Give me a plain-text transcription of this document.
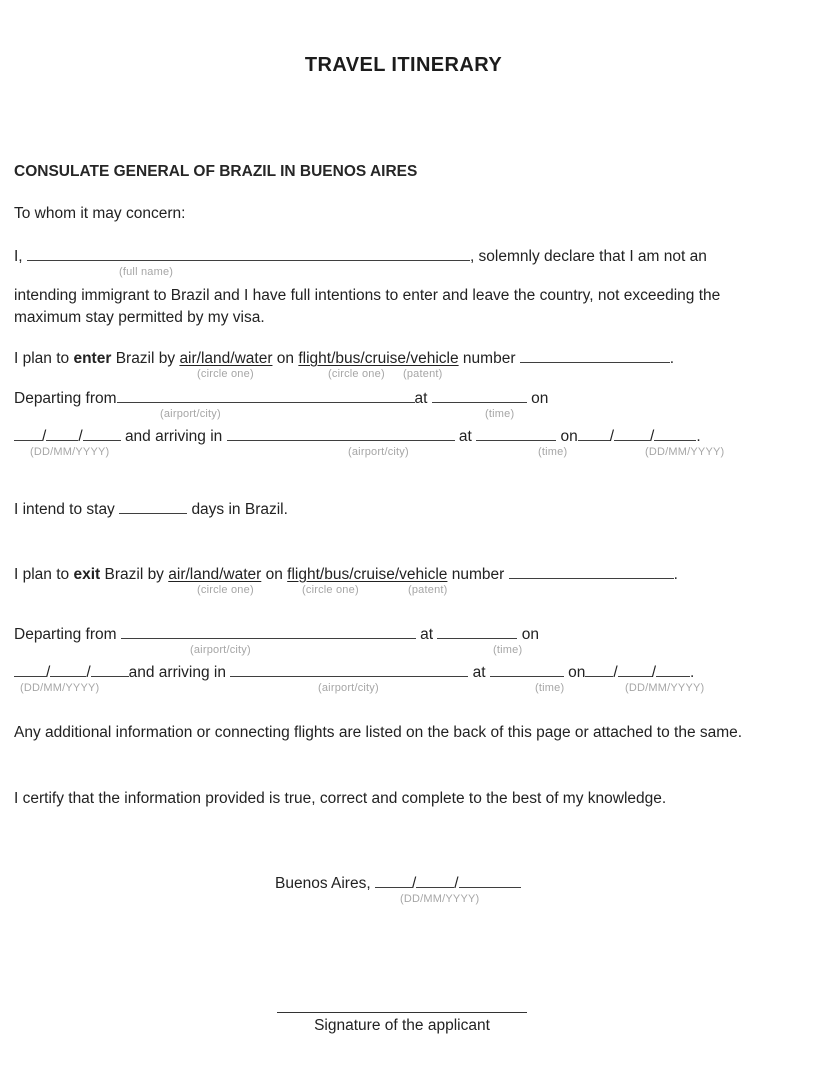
TRAVEL ITINERARY
CONSULATE GENERAL OF BRAZIL IN BUENOS AIRES
To whom it may concern:
I,	, solemnly declare that I am not an
(full name)
intending immigrant to Brazil and I have full intentions to enter and leave the country, not exceeding the maximum stay permitted by my visa.
I plan to enter Brazil by air/land/water on flight/bus/cruise/vehicle number	.
(circle one)	(circle one) (patent)
Departing from	at	on
(airport/city)	(time)
/ /	and arriving in	at	on / /	.
(DD/MM/YYYY)	(airport/city)	(time)	(DD/MM/YYYY)
I intend to stay	days in Brazil.
I plan to exit Brazil by air/land/water on flight/bus/cruise/vehicle number	.
(circle one)	(circle one)	(patent)
Departing from	at	on
(airport/city)	(time)
/ / and arriving in	at	on / / .
(DD/MM/YYYY)	(airport/city)	(time)	(DD/MM/YYYY)
Any additional information or connecting flights are listed on the back of this page or attached to the same.
I certify that the information provided is true, correct and complete to the best of my knowledge.
Buenos Aires,	/ /
(DD/MM/YYYY)
Signature of the applicant
